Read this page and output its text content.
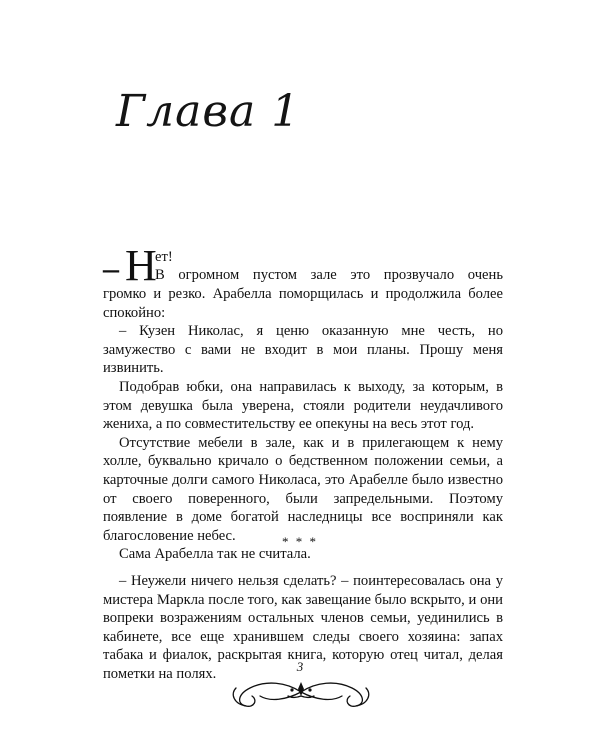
Глава 1
– Н
ет!
В огромном пустом зале это прозвучало очень

громко и резко. Арабелла поморщилась и продолжила более спокойно:

– Кузен Николас, я ценю оказанную мне честь, но замужество с вами не входит в мои планы. Прошу меня извинить.

Подобрав юбки, она направилась к выходу, за которым, в этом девушка была уверена, стояли родители неудачливого жениха, а по совместительству ее опекуны на весь этот год.

Отсутствие мебели в зале, как и в прилегающем к нему холле, буквально кричало о бедственном положении семьи, а карточные долги самого Николаса, это Арабелле было известно от своего поверенного, были запредельными. Поэтому появление в доме богатой наследницы все восприняли как благословение небес.

Сама Арабелла так не считала.

* * *

– Неужели ничего нельзя сделать? – поинтересовалась она у мистера Маркла после того, как завещание было вскрыто, и они вопреки возражениям остальных членов семьи, уединились в кабинете, все еще хранившем следы своего хозяина: запах табака и фиалок, раскрытая книга, которую отец читал, делая пометки на полях.	3
